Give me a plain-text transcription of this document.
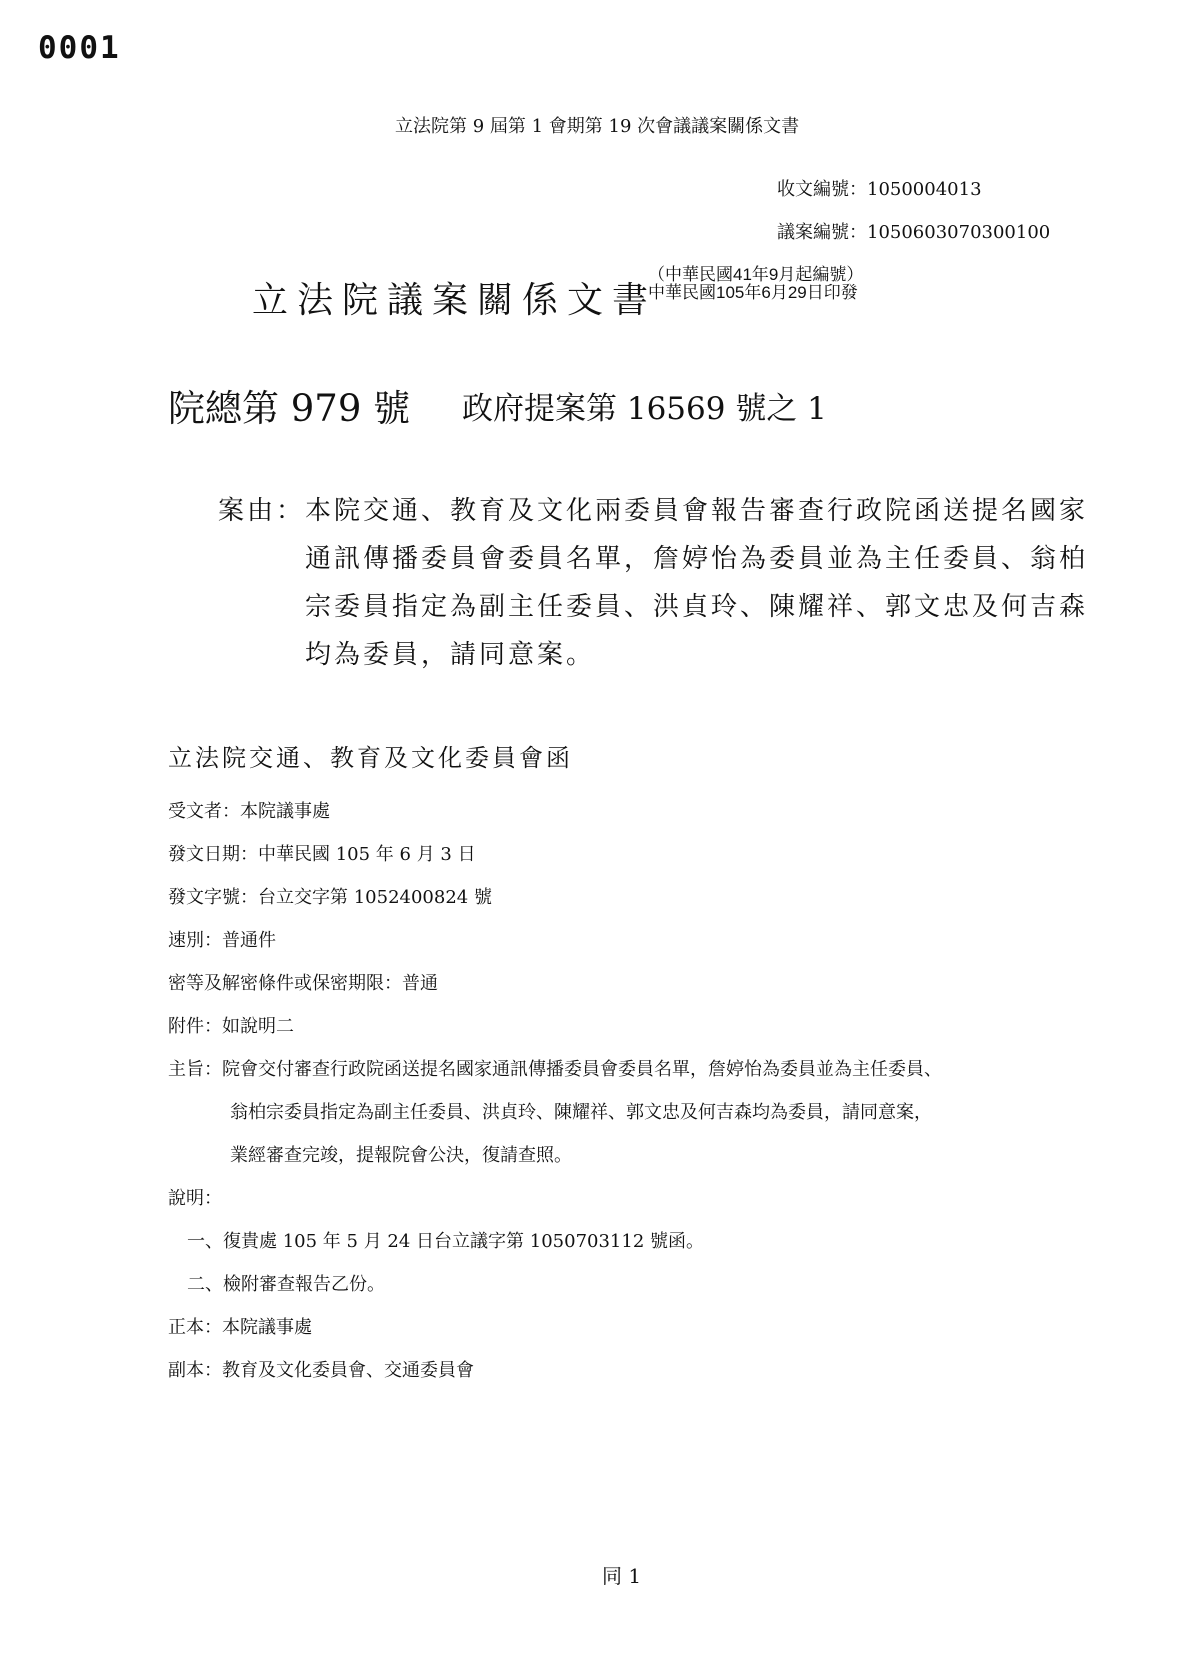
0001
立法院第 9 屆第 1 會期第 19 次會議議案關係文書
收文編號：1050004013
議案編號：1050603070300100
立法院議案關係文書
（中華民國41年9月起編號）
中華民國105年6月29日印發
院總第 979 號 政府提案第 16569 號之 1
案由： 本院交通、教育及文化兩委員會報告審查行政院函送提名國家通訊傳播委員會委員名單，詹婷怡為委員並為主任委員、翁柏宗委員指定為副主任委員、洪貞玲、陳耀祥、郭文忠及何吉森均為委員，請同意案。
立法院交通、教育及文化委員會函
受文者：本院議事處
發文日期：中華民國 105 年 6 月 3 日
發文字號：台立交字第 1052400824 號
速別：普通件
密等及解密條件或保密期限：普通
附件：如說明二
主旨：院會交付審查行政院函送提名國家通訊傳播委員會委員名單，詹婷怡為委員並為主任委員、
翁柏宗委員指定為副主任委員、洪貞玲、陳耀祥、郭文忠及何吉森均為委員，請同意案，
業經審查完竣，提報院會公決，復請查照。
說明：
一、復貴處 105 年 5 月 24 日台立議字第 1050703112 號函。
二、檢附審查報告乙份。
正本：本院議事處
副本：教育及文化委員會、交通委員會
同 1
